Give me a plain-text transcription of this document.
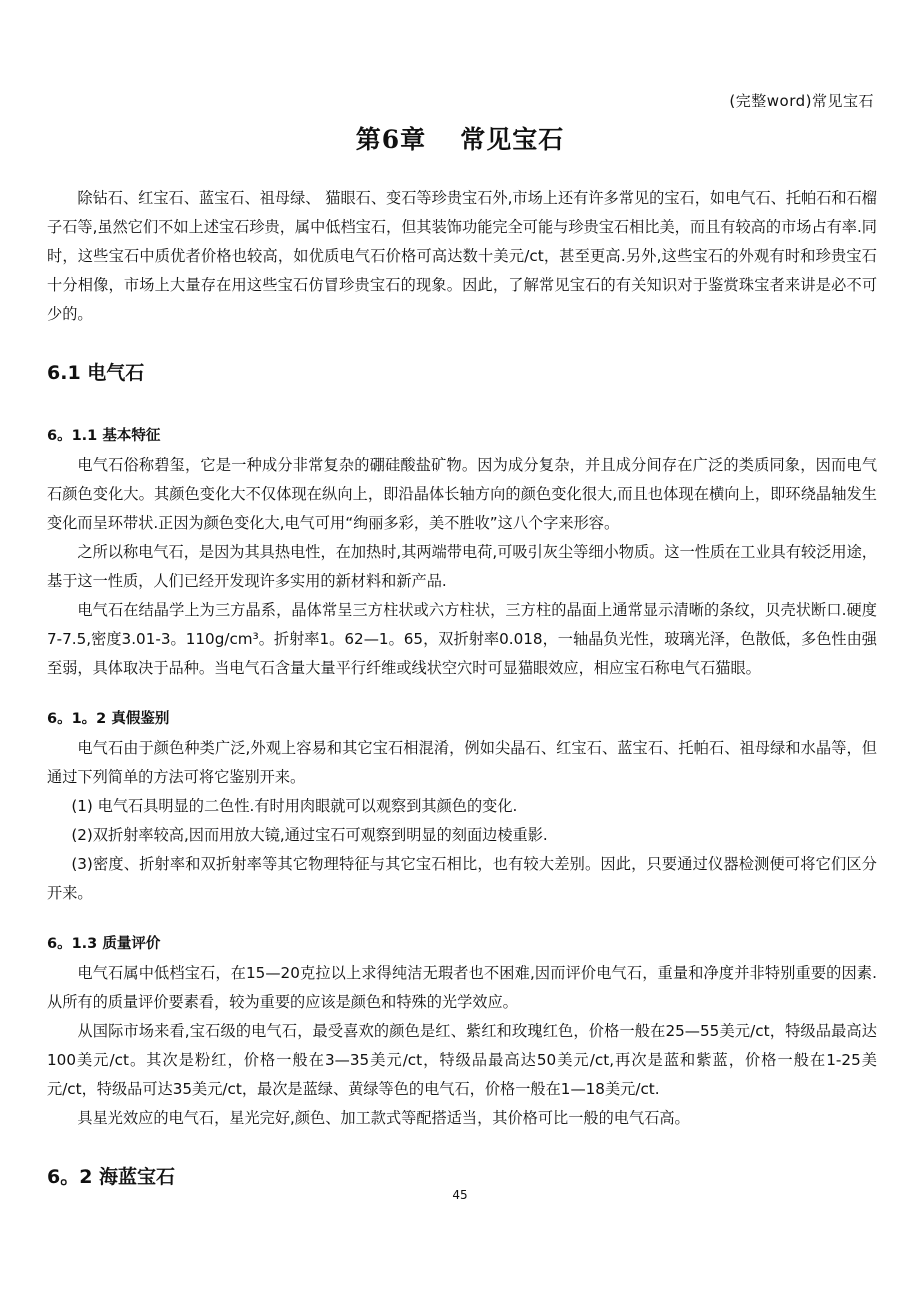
(完整word)常见宝石
第6章 常见宝石

除钻石、红宝石、蓝宝石、祖母绿、 猫眼石、变石等珍贵宝石外,市场上还有许多常见的宝石，如电气石、托帕石和石榴子石等,虽然它们不如上述宝石珍贵，属中低档宝石，但其装饰功能完全可能与珍贵宝石相比美，而且有较高的市场占有率.同时，这些宝石中质优者价格也较高，如优质电气石价格可高达数十美元/ct，甚至更高.另外,这些宝石的外观有时和珍贵宝石十分相像，市场上大量存在用这些宝石仿冒珍贵宝石的现象。因此，了解常见宝石的有关知识对于鉴赏珠宝者来讲是必不可少的。

6.1 电气石
6。1.1 基本特征

电气石俗称碧玺，它是一种成分非常复杂的硼硅酸盐矿物。因为成分复杂，并且成分间存在广泛的类质同象，因而电气石颜色变化大。其颜色变化大不仅体现在纵向上，即沿晶体长轴方向的颜色变化很大,而且也体现在横向上，即环绕晶轴发生变化而呈环带状.正因为颜色变化大,电气可用“绚丽多彩，美不胜收”这八个字来形容。

之所以称电气石，是因为其具热电性，在加热时,其两端带电荷,可吸引灰尘等细小物质。这一性质在工业具有较泛用途，基于这一性质，人们已经开发现许多实用的新材料和新产品.

电气石在结晶学上为三方晶系，晶体常呈三方柱状或六方柱状，三方柱的晶面上通常显示清晰的条纹，贝壳状断口.硬度7-7.5,密度3.01-3。110g/cm³。折射率1。62—1。65，双折射率0.018，一轴晶负光性，玻璃光泽，色散低，多色性由强至弱，具体取决于品种。当电气石含量大量平行纤维或线状空穴时可显猫眼效应，相应宝石称电气石猫眼。

6。1。2 真假鉴别

电气石由于颜色种类广泛,外观上容易和其它宝石相混淆，例如尖晶石、红宝石、蓝宝石、托帕石、祖母绿和水晶等，但通过下列简单的方法可将它鉴别开来。

(1) 电气石具明显的二色性.有时用肉眼就可以观察到其颜色的变化.

(2)双折射率较高,因而用放大镜,通过宝石可观察到明显的刻面边棱重影.

(3)密度、折射率和双折射率等其它物理特征与其它宝石相比，也有较大差别。因此，只要通过仪器检测便可将它们区分开来。

6。1.3 质量评价

电气石属中低档宝石，在15—20克拉以上求得纯洁无瑕者也不困难,因而评价电气石，重量和净度并非特别重要的因素.从所有的质量评价要素看，较为重要的应该是颜色和特殊的光学效应。

从国际市场来看,宝石级的电气石，最受喜欢的颜色是红、紫红和玫瑰红色，价格一般在25—55美元/ct，特级品最高达100美元/ct。其次是粉红，价格一般在3—35美元/ct，特级品最高达50美元/ct,再次是蓝和紫蓝，价格一般在1-25美元/ct，特级品可达35美元/ct，最次是蓝绿、黄绿等色的电气石，价格一般在1—18美元/ct.

具星光效应的电气石，星光完好,颜色、加工款式等配搭适当，其价格可比一般的电气石高。

6。2 海蓝宝石
45
